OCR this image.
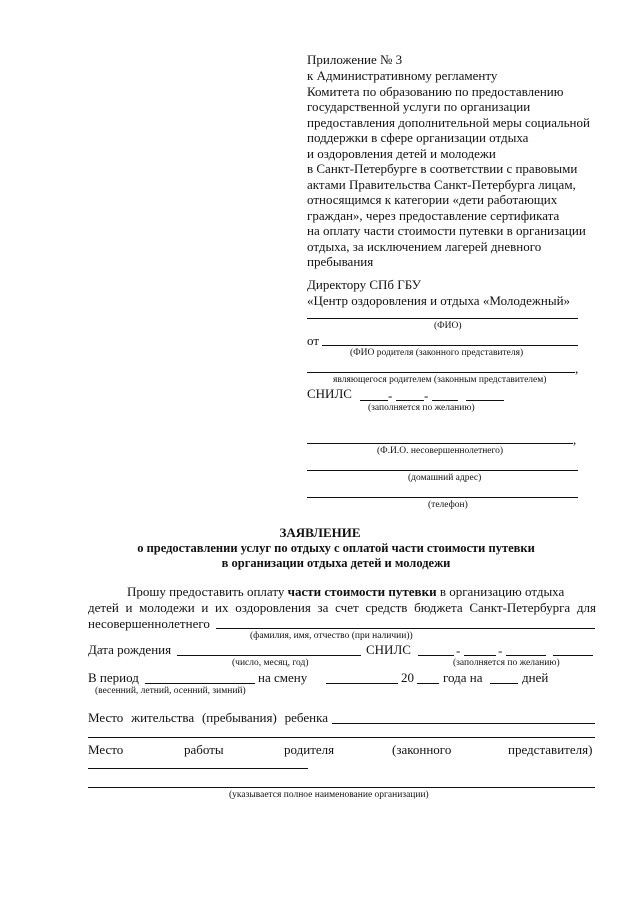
Приложение № 3
к Административному регламенту
Комитета по образованию по предоставлению
государственной услуги по организации
предоставления дополнительной меры социальной
поддержки в сфере организации отдыха
и оздоровления детей и молодежи
в Санкт-Петербурге в соответствии с правовыми
актами Правительства Санкт-Петербурга лицам,
относящимся к категории «дети работающих
граждан», через предоставление сертификата
на оплату части стоимости путевки в организации
отдыха, за исключением лагерей дневного
пребывания
Директору СПб ГБУ
«Центр оздоровления и отдыха «Молодежный»
(ФИО)
от
(ФИО родителя (законного представителя)
,
являющегося родителем (законным представителем)
СНИЛС	- -
(заполняется по желанию)
,
(Ф.И.О. несовершеннолетнего)
(домашний адрес)
(телефон)
ЗАЯВЛЕНИЕ
о предоставлении услуг по отдыху с оплатой части стоимости путевки
в организации отдыха детей и молодежи
Прошу предоставить оплату части стоимости путевки в организацию отдыха
детей и молодежи и их оздоровления за счет средств бюджета Санкт-Петербурга для
несовершеннолетнего
(фамилия, имя, отчество (при наличии))
Дата рождения	СНИЛС	-	-
(число, месяц, год)	(заполняется по желанию)
В период	на смену	20 года на	дней
(весенний, летний, осенний, зимний)
Место жительства (пребывания) ребенка
Место	работы	родителя	(законного	представителя)
(указывается полное наименование организации)
